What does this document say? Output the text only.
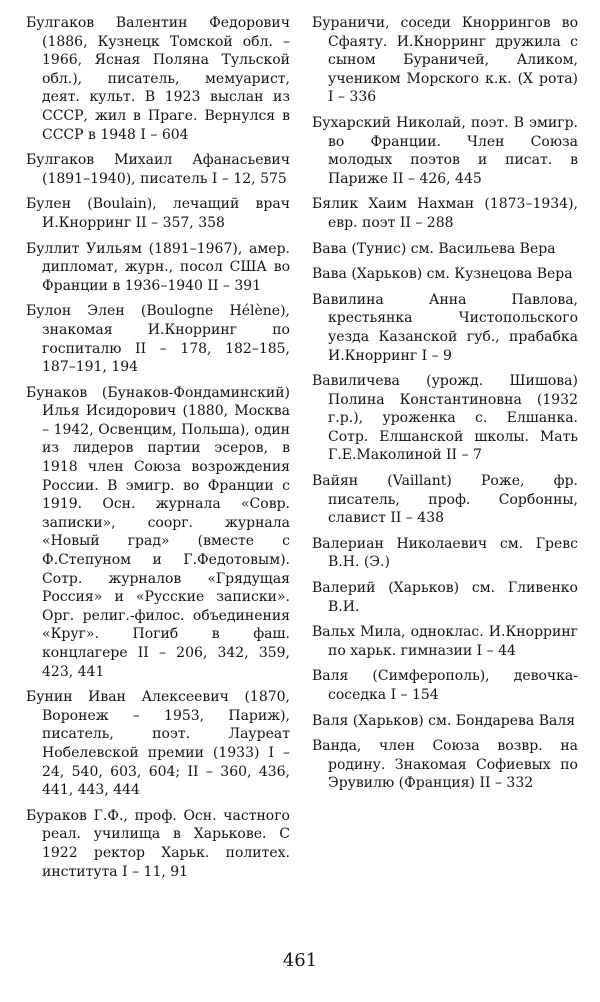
Булгаков Валентин Федорович (1886, Кузнецк Томской обл. – 1966, Ясная Поляна Тульской обл.), писатель, мемуарист, деят. культ. В 1923 выслан из СССР, жил в Праге. Вернулся в СССР в 1948 I – 604

Булгаков Михаил Афанасьевич (1891–1940), писатель I – 12, 575

Булен (Boulain), лечащий врач И.Кнорринг II – 357, 358

Буллит Уильям (1891–1967), амер. дипломат, журн., посол США во Франции в 1936–1940 II – 391

Булон Элен (Boulogne Hélène), знакомая И.Кнорринг по госпиталю II – 178, 182–185, 187–191, 194

Бунаков (Бунаков-Фондаминский) Илья Исидорович (1880, Москва – 1942, Освенцим, Польша), один из лидеров партии эсеров, в 1918 член Союза возрождения России. В эмигр. во Франции с 1919. Осн. журнала «Совр. записки», соорг. журнала «Новый град» (вместе с Ф.Степуном и Г.Федотовым). Сотр. журналов «Грядущая Россия» и «Русские записки». Орг. религ.-филос. объединения «Круг». Погиб в фаш. концлагере II – 206, 342, 359, 423, 441

Бунин Иван Алексеевич (1870, Воронеж – 1953, Париж), писатель, поэт. Лауреат Нобелевской премии (1933) I – 24, 540, 603, 604; II – 360, 436, 441, 443, 444

Бураков Г.Ф., проф. Осн. частного реал. училища в Харькове. С 1922 ректор Харьк. политех. института I – 11, 91

Бураничи, соседи Кноррингов во Сфаяту. И.Кнорринг дружила с сыном Бураничей, Аликом, учеником Морского к.к. (X рота) I – 336

Бухарский Николай, поэт. В эмигр. во Франции. Член Союза молодых поэтов и писат. в Париже II – 426, 445

Бялик Хаим Нахман (1873–1934), евр. поэт II – 288

Вава (Тунис) см. Васильева Вера

Вава (Харьков) см. Кузнецова Вера

Вавилина Анна Павлова, крестьянка Чистопольского уезда Казанской губ., прабабка И.Кнорринг I – 9

Вавиличева (урожд. Шишова) Полина Константиновна (1932 г.р.), уроженка с. Елшанка. Сотр. Елшанской школы. Мать Г.Е.Маколиной II – 7

Вайян (Vaillant) Роже, фр. писатель, проф. Сорбонны, славист II – 438

Валериан Николаевич см. Гревс В.Н. (Э.)

Валерий (Харьков) см. Гливенко В.И.

Вальх Мила, однoклас. И.Кнорринг по харьк. гимназии I – 44

Валя (Симферополь), девочка-соседка I – 154

Валя (Харьков) см. Бондарева Валя

Ванда, член Союза возвр. на родину. Знакомая Софиевых по Эрувилю (Франция) II – 332

461
